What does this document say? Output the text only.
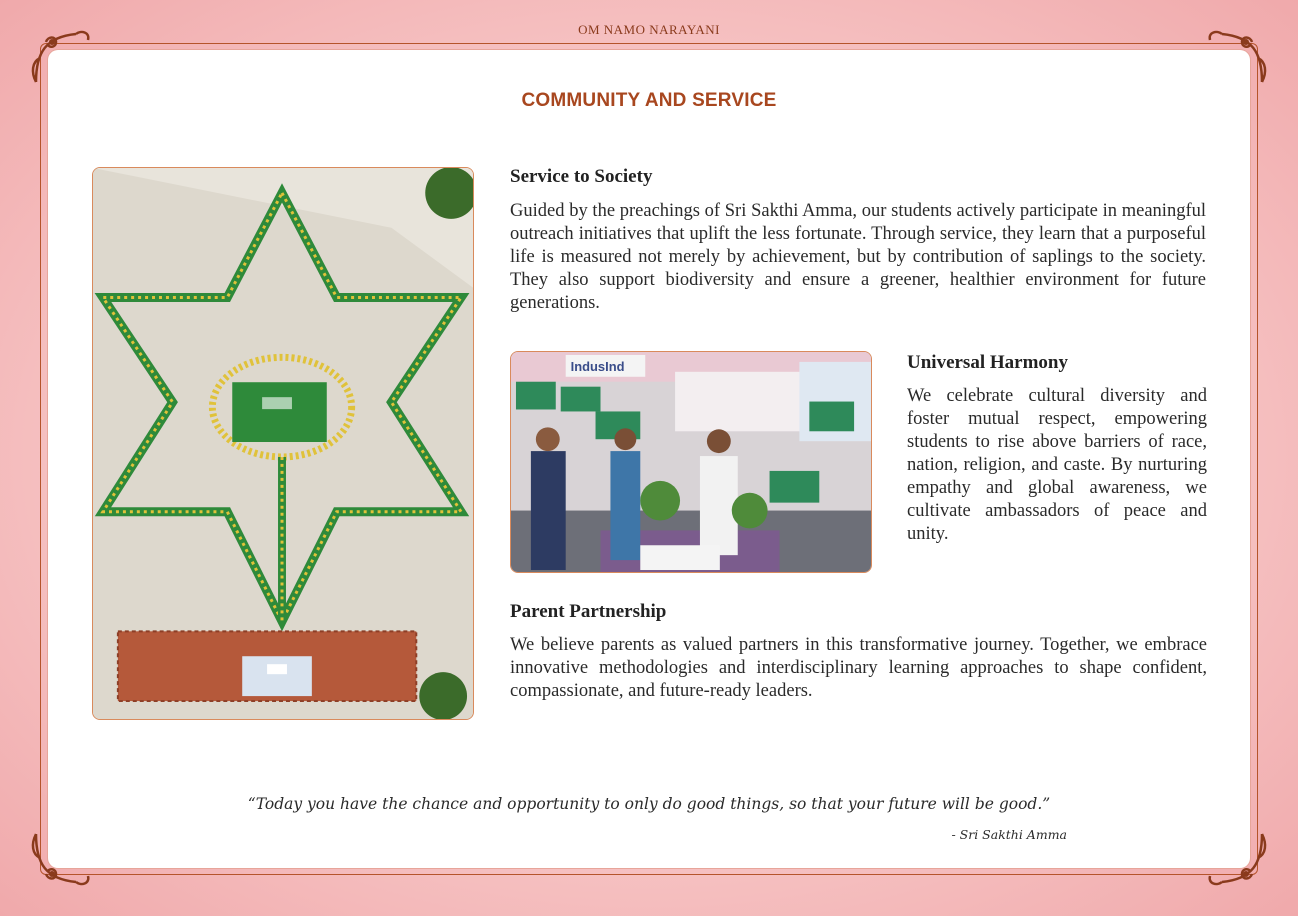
OM NAMO NARAYANI
COMMUNITY AND SERVICE
Service to Society

Guided by the preachings of Sri Sakthi Amma, our students actively participate in meaningful outreach initiatives that uplift the less fortunate. Through service, they learn that a purposeful life is measured not merely by achievement, but by contribution of saplings to the society. They also support biodiversity and ensure a greener, healthier environment for future generations.

IndusInd	Universal Harmony

We celebrate cultural diversity and foster mutual respect, empowering students to rise above barriers of race, nation, religion, and caste. By nurturing empathy and global awareness, we cultivate ambassadors of peace and unity.

Parent Partnership

We believe parents as valued partners in this transformative journey. Together, we embrace innovative methodologies and interdisciplinary learning approaches to shape confident, compassionate, and future-ready leaders.

“Today you have the chance and opportunity to only do good things, so that your future will be good.”
- Sri Sakthi Amma
